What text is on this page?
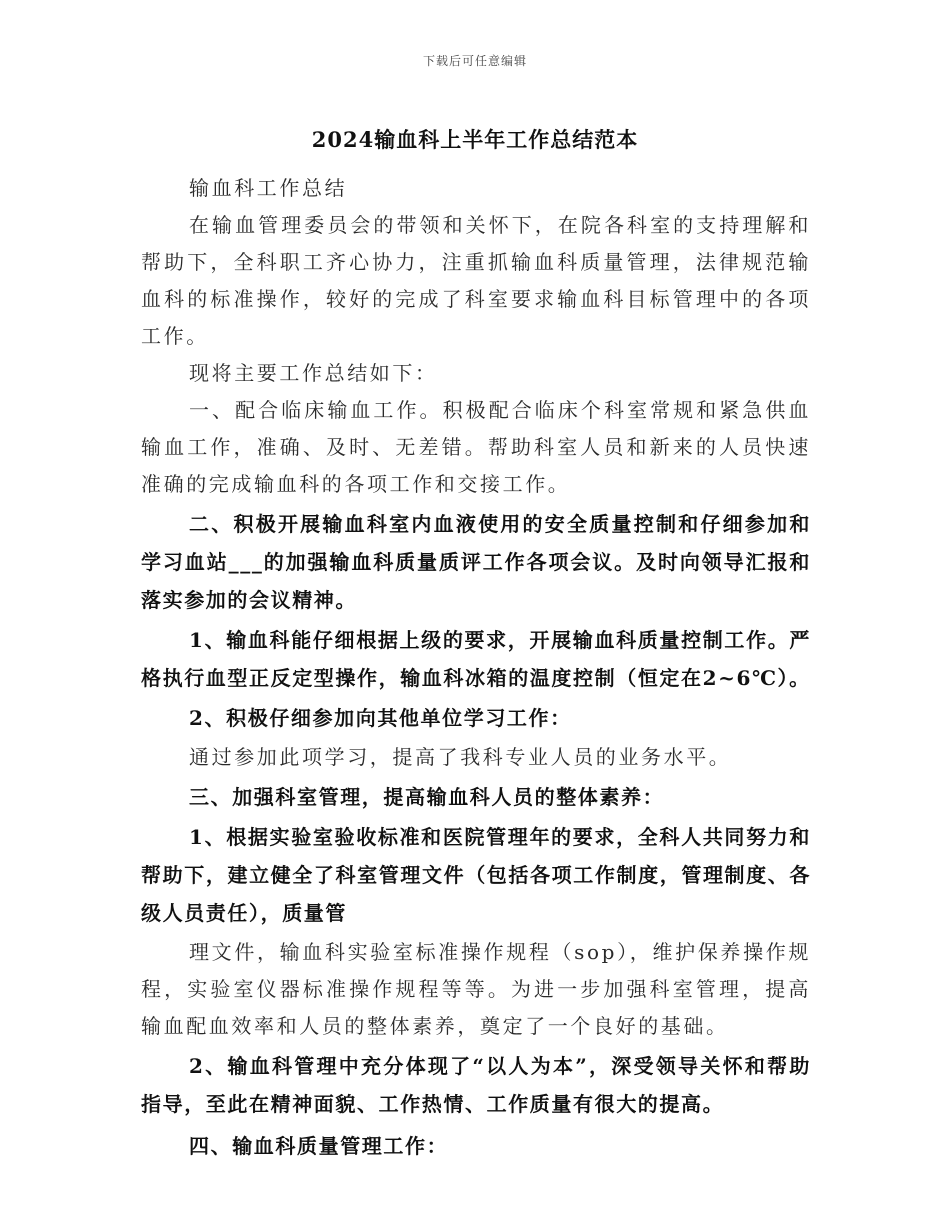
下载后可任意编辑
2024输血科上半年工作总结范本

输血科工作总结

在输血管理委员会的带领和关怀下，在院各科室的支持理解和帮助下，全科职工齐心协力，注重抓输血科质量管理，法律规范输血科的标准操作，较好的完成了科室要求输血科目标管理中的各项工作。

现将主要工作总结如下：

一、配合临床输血工作。积极配合临床个科室常规和紧急供血输血工作，准确、及时、无差错。帮助科室人员和新来的人员快速准确的完成输血科的各项工作和交接工作。

二、积极开展输血科室内血液使用的安全质量控制和仔细参加和学习血站___的加强输血科质量质评工作各项会议。及时向领导汇报和落实参加的会议精神。

1、输血科能仔细根据上级的要求，开展输血科质量控制工作。严格执行血型正反定型操作，输血科冰箱的温度控制（恒定在2~6℃）。

2、积极仔细参加向其他单位学习工作：

通过参加此项学习，提高了我科专业人员的业务水平。

三、加强科室管理，提高输血科人员的整体素养：

1、根据实验室验收标准和医院管理年的要求，全科人共同努力和帮助下，建立健全了科室管理文件（包括各项工作制度，管理制度、各级人员责任），质量管

理文件，输血科实验室标准操作规程（sop），维护保养操作规程，实验室仪器标准操作规程等等。为进一步加强科室管理，提高输血配血效率和人员的整体素养，奠定了一个良好的基础。

2、输血科管理中充分体现了“以人为本”，深受领导关怀和帮助指导，至此在精神面貌、工作热情、工作质量有很大的提高。

四、输血科质量管理工作：
